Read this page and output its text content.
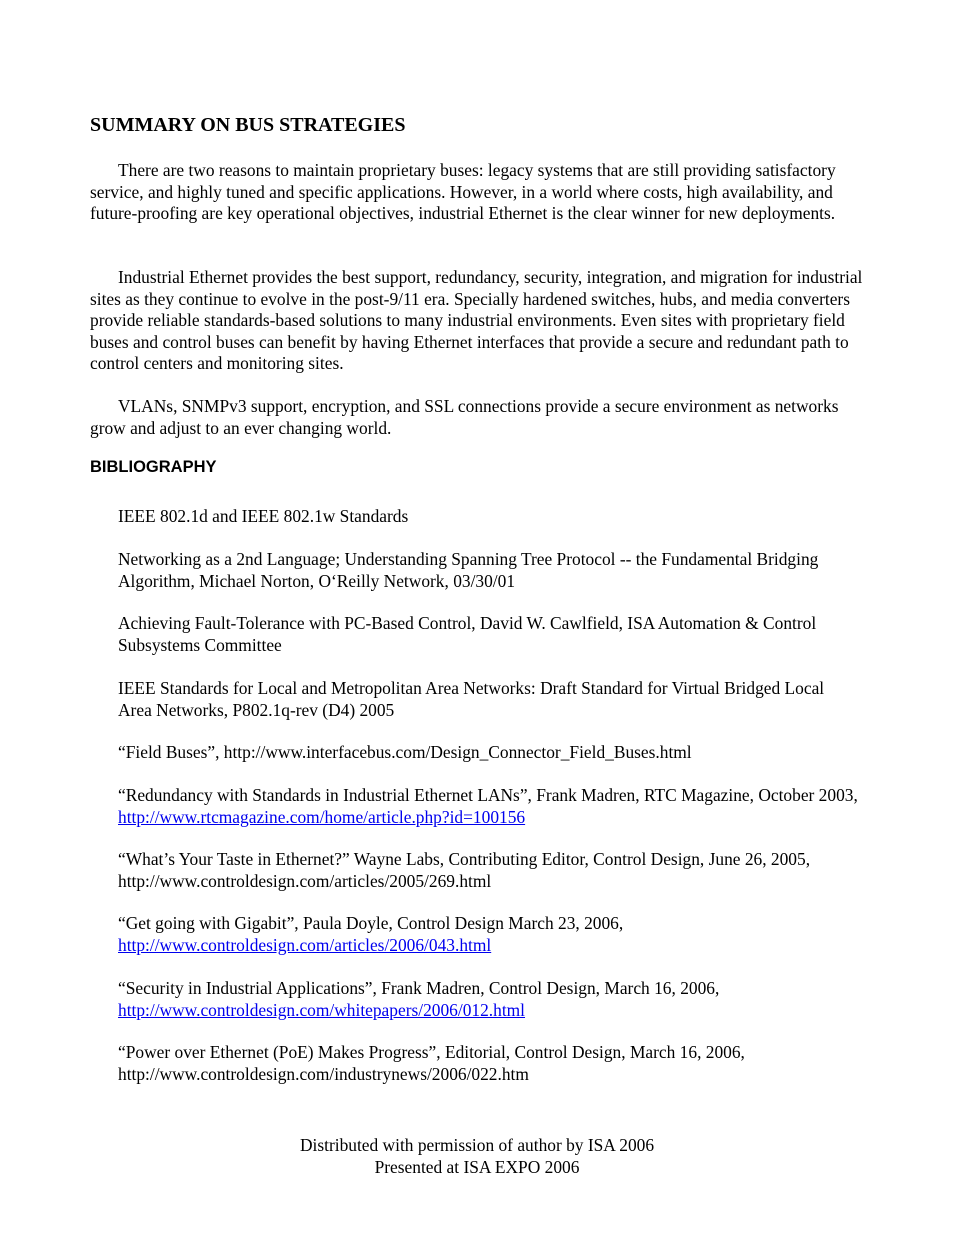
SUMMARY ON BUS STRATEGIES

There are two reasons to maintain proprietary buses: legacy systems that are still providing satisfactory service, and highly tuned and specific applications. However, in a world where costs, high availability, and future-proofing are key operational objectives, industrial Ethernet is the clear winner for new deployments.

Industrial Ethernet provides the best support, redundancy, security, integration, and migration for industrial sites as they continue to evolve in the post-9/11 era. Specially hardened switches, hubs, and media converters provide reliable standards-based solutions to many industrial environments. Even sites with proprietary field buses and control buses can benefit by having Ethernet interfaces that provide a secure and redundant path to control centers and monitoring sites.

VLANs, SNMPv3 support, encryption, and SSL connections provide a secure environment as networks grow and adjust to an ever changing world.

BIBLIOGRAPHY

IEEE 802.1d and IEEE 802.1w Standards

Networking as a 2nd Language; Understanding Spanning Tree Protocol -- the Fundamental Bridging Algorithm, Michael Norton, O‘Reilly Network, 03/30/01

Achieving Fault-Tolerance with PC-Based Control, David W. Cawlfield, ISA Automation & Control Subsystems Committee

IEEE Standards for Local and Metropolitan Area Networks: Draft Standard for Virtual Bridged Local Area Networks, P802.1q-rev (D4) 2005

“Field Buses”, http://www.interfacebus.com/Design_Connector_Field_Buses.html

“Redundancy with Standards in Industrial Ethernet LANs”, Frank Madren, RTC Magazine, October 2003, http://www.rtcmagazine.com/home/article.php?id=100156

“What’s Your Taste in Ethernet?” Wayne Labs, Contributing Editor, Control Design, June 26, 2005, http://www.controldesign.com/articles/2005/269.html

“Get going with Gigabit”, Paula Doyle, Control Design March 23, 2006,
http://www.controldesign.com/articles/2006/043.html

“Security in Industrial Applications”, Frank Madren, Control Design, March 16, 2006,
http://www.controldesign.com/whitepapers/2006/012.html

“Power over Ethernet (PoE) Makes Progress”, Editorial, Control Design, March 16, 2006, http://www.controldesign.com/industrynews/2006/022.htm

Distributed with permission of author by ISA 2006
Presented at ISA EXPO 2006
